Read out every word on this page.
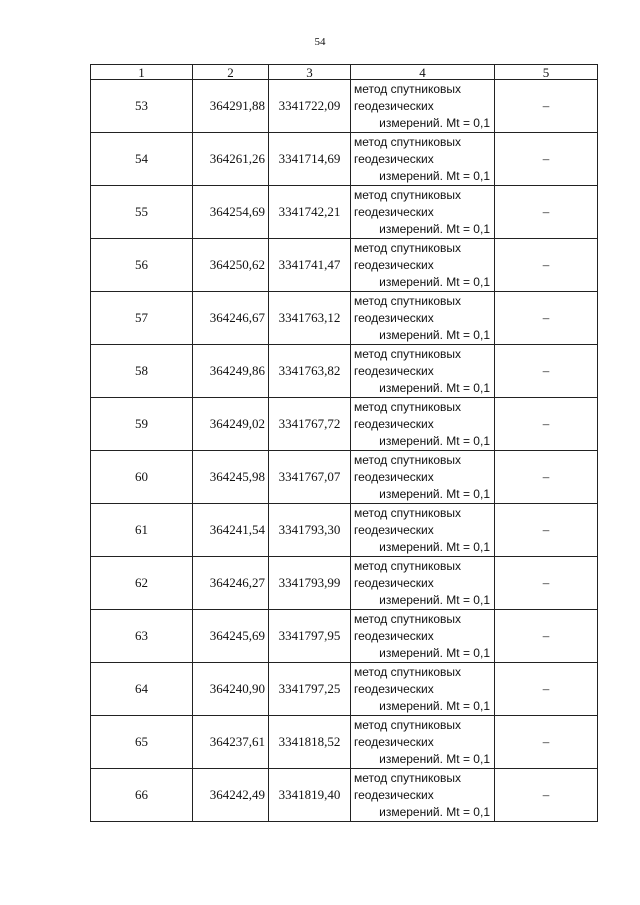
54
1	2	3	4	5
53	364291,88	3341722,09	метод спутниковых
геодезических
измерений. Mt = 0,1	–
54	364261,26	3341714,69	метод спутниковых
геодезических
измерений. Mt = 0,1	–
55	364254,69	3341742,21	метод спутниковых
геодезических
измерений. Mt = 0,1	–
56	364250,62	3341741,47	метод спутниковых
геодезических
измерений. Mt = 0,1	–
57	364246,67	3341763,12	метод спутниковых
геодезических
измерений. Mt = 0,1	–
58	364249,86	3341763,82	метод спутниковых
геодезических
измерений. Mt = 0,1	–
59	364249,02	3341767,72	метод спутниковых
геодезических
измерений. Mt = 0,1	–
60	364245,98	3341767,07	метод спутниковых
геодезических
измерений. Mt = 0,1	–
61	364241,54	3341793,30	метод спутниковых
геодезических
измерений. Mt = 0,1	–
62	364246,27	3341793,99	метод спутниковых
геодезических
измерений. Mt = 0,1	–
63	364245,69	3341797,95	метод спутниковых
геодезических
измерений. Mt = 0,1	–
64	364240,90	3341797,25	метод спутниковых
геодезических
измерений. Mt = 0,1	–
65	364237,61	3341818,52	метод спутниковых
геодезических
измерений. Mt = 0,1	–
66	364242,49	3341819,40	метод спутниковых
геодезических
измерений. Mt = 0,1	–
